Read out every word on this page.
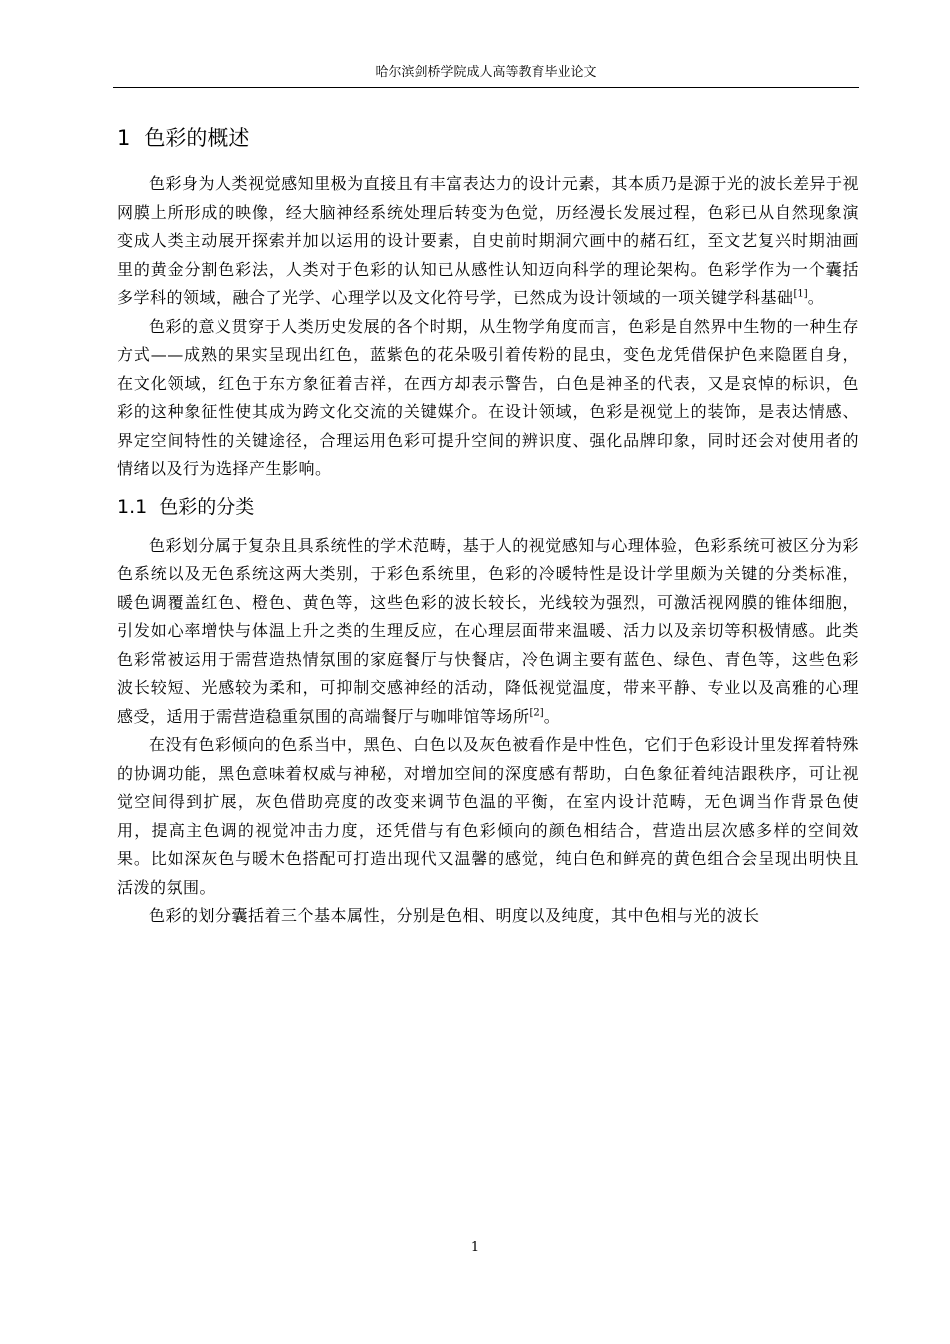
哈尔滨剑桥学院成人高等教育毕业论文
1 色彩的概述

色彩身为人类视觉感知里极为直接且有丰富表达力的设计元素，其本质乃是源于光的波长差异于视网膜上所形成的映像，经大脑神经系统处理后转变为色觉，历经漫长发展过程，色彩已从自然现象演变成人类主动展开探索并加以运用的设计要素，自史前时期洞穴画中的赭石红，至文艺复兴时期油画里的黄金分割色彩法，人类对于色彩的认知已从感性认知迈向科学的理论架构。色彩学作为一个囊括多学科的领域，融合了光学、心理学以及文化符号学，已然成为设计领域的一项关键学科基础[1]。

色彩的意义贯穿于人类历史发展的各个时期，从生物学角度而言，色彩是自然界中生物的一种生存方式——成熟的果实呈现出红色，蓝紫色的花朵吸引着传粉的昆虫，变色龙凭借保护色来隐匿自身，在文化领域，红色于东方象征着吉祥，在西方却表示警告，白色是神圣的代表，又是哀悼的标识，色彩的这种象征性使其成为跨文化交流的关键媒介。在设计领域，色彩是视觉上的装饰，是表达情感、界定空间特性的关键途径，合理运用色彩可提升空间的辨识度、强化品牌印象，同时还会对使用者的情绪以及行为选择产生影响。

1.1 色彩的分类

色彩划分属于复杂且具系统性的学术范畴，基于人的视觉感知与心理体验，色彩系统可被区分为彩色系统以及无色系统这两大类别，于彩色系统里，色彩的冷暖特性是设计学里颇为关键的分类标准，暖色调覆盖红色、橙色、黄色等，这些色彩的波长较长，光线较为强烈，可激活视网膜的锥体细胞，引发如心率增快与体温上升之类的生理反应，在心理层面带来温暖、活力以及亲切等积极情感。此类色彩常被运用于需营造热情氛围的家庭餐厅与快餐店，冷色调主要有蓝色、绿色、青色等，这些色彩波长较短、光感较为柔和，可抑制交感神经的活动，降低视觉温度，带来平静、专业以及高雅的心理感受，适用于需营造稳重氛围的高端餐厅与咖啡馆等场所[2]。

在没有色彩倾向的色系当中，黑色、白色以及灰色被看作是中性色，它们于色彩设计里发挥着特殊的协调功能，黑色意味着权威与神秘，对增加空间的深度感有帮助，白色象征着纯洁跟秩序，可让视觉空间得到扩展，灰色借助亮度的改变来调节色温的平衡，在室内设计范畴，无色调当作背景色使用，提高主色调的视觉冲击力度，还凭借与有色彩倾向的颜色相结合，营造出层次感多样的空间效果。比如深灰色与暖木色搭配可打造出现代又温馨的感觉，纯白色和鲜亮的黄色组合会呈现出明快且活泼的氛围。

色彩的划分囊括着三个基本属性，分别是色相、明度以及纯度，其中色相与光的波长

1
